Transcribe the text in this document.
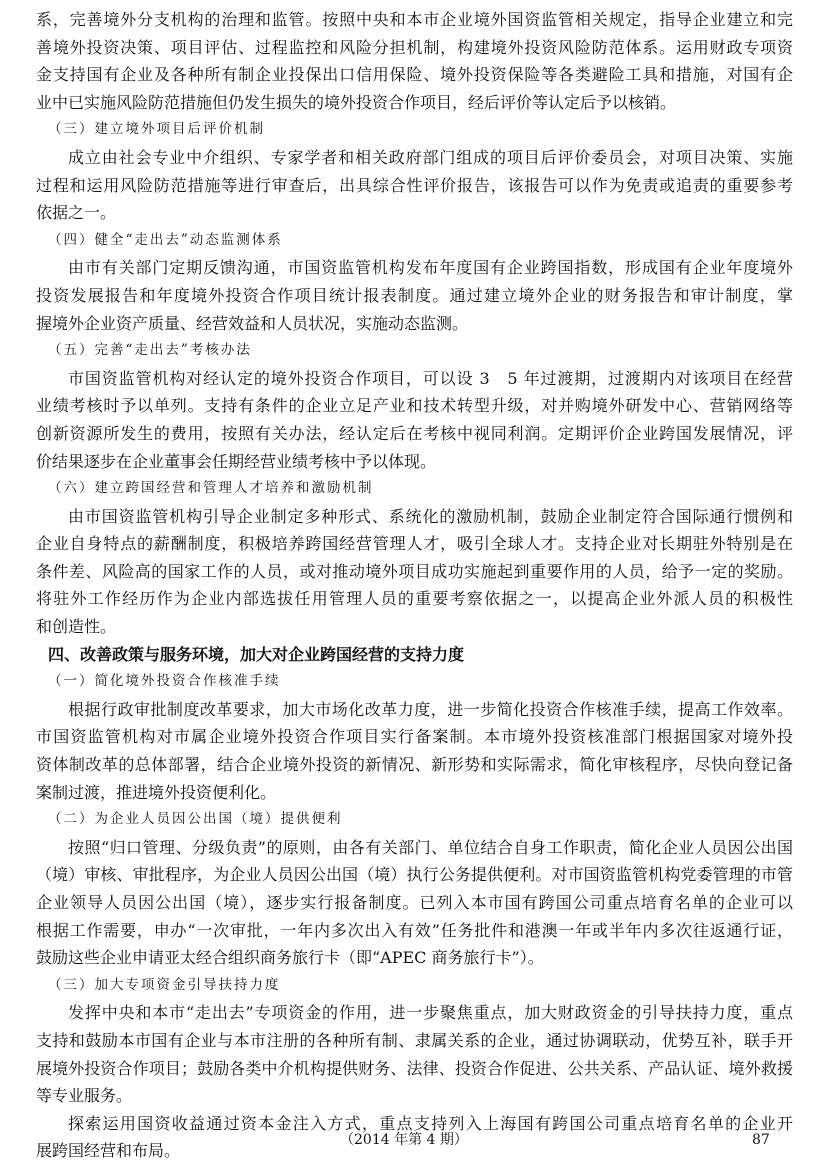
系，完善境外分支机构的治理和监管。按照中央和本市企业境外国资监管相关规定，指导企业建立和完
善境外投资决策、项目评估、过程监控和风险分担机制，构建境外投资风险防范体系。运用财政专项资
金支持国有企业及各种所有制企业投保出口信用保险、境外投资保险等各类避险工具和措施，对国有企
业中已实施风险防范措施但仍发生损失的境外投资合作项目，经后评价等认定后予以核销。
（三）建立境外项目后评价机制
成立由社会专业中介组织、专家学者和相关政府部门组成的项目后评价委员会，对项目决策、实施
过程和运用风险防范措施等进行审查后，出具综合性评价报告，该报告可以作为免责或追责的重要参考
依据之一。
（四）健全“走出去”动态监测体系
由市有关部门定期反馈沟通，市国资监管机构发布年度国有企业跨国指数，形成国有企业年度境外
投资发展报告和年度境外投资合作项目统计报表制度。通过建立境外企业的财务报告和审计制度，掌
握境外企业资产质量、经营效益和人员状况，实施动态监测。
（五）完善“走出去”考核办法
市国资监管机构对经认定的境外投资合作项目，可以设 3　5 年过渡期，过渡期内对该项目在经营
业绩考核时予以单列。支持有条件的企业立足产业和技术转型升级，对并购境外研发中心、营销网络等
创新资源所发生的费用，按照有关办法，经认定后在考核中视同利润。定期评价企业跨国发展情况，评
价结果逐步在企业董事会任期经营业绩考核中予以体现。
（六）建立跨国经营和管理人才培养和激励机制
由市国资监管机构引导企业制定多种形式、系统化的激励机制，鼓励企业制定符合国际通行惯例和
企业自身特点的薪酬制度，积极培养跨国经营管理人才，吸引全球人才。支持企业对长期驻外特别是在
条件差、风险高的国家工作的人员，或对推动境外项目成功实施起到重要作用的人员，给予一定的奖励。
将驻外工作经历作为企业内部选拔任用管理人员的重要考察依据之一，以提高企业外派人员的积极性
和创造性。
四、改善政策与服务环境，加大对企业跨国经营的支持力度
（一）简化境外投资合作核准手续
根据行政审批制度改革要求，加大市场化改革力度，进一步简化投资合作核准手续，提高工作效率。
市国资监管机构对市属企业境外投资合作项目实行备案制。本市境外投资核准部门根据国家对境外投
资体制改革的总体部署，结合企业境外投资的新情况、新形势和实际需求，简化审核程序，尽快向登记备
案制过渡，推进境外投资便利化。
（二）为企业人员因公出国（境）提供便利
按照“归口管理、分级负责”的原则，由各有关部门、单位结合自身工作职责，简化企业人员因公出国
（境）审核、审批程序，为企业人员因公出国（境）执行公务提供便利。对市国资监管机构党委管理的市管
企业领导人员因公出国（境），逐步实行报备制度。已列入本市国有跨国公司重点培育名单的企业可以
根据工作需要，申办“一次审批，一年内多次出入有效”任务批件和港澳一年或半年内多次往返通行证，
鼓励这些企业申请亚太经合组织商务旅行卡（即“APEC 商务旅行卡”）。
（三）加大专项资金引导扶持力度
发挥中央和本市“走出去”专项资金的作用，进一步聚焦重点，加大财政资金的引导扶持力度，重点
支持和鼓励本市国有企业与本市注册的各种所有制、隶属关系的企业，通过协调联动，优势互补，联手开
展境外投资合作项目；鼓励各类中介机构提供财务、法律、投资合作促进、公共关系、产品认证、境外救援
等专业服务。
探索运用国资收益通过资本金注入方式，重点支持列入上海国有跨国公司重点培育名单的企业开
展跨国经营和布局。
（2014 年第 4 期）	87
